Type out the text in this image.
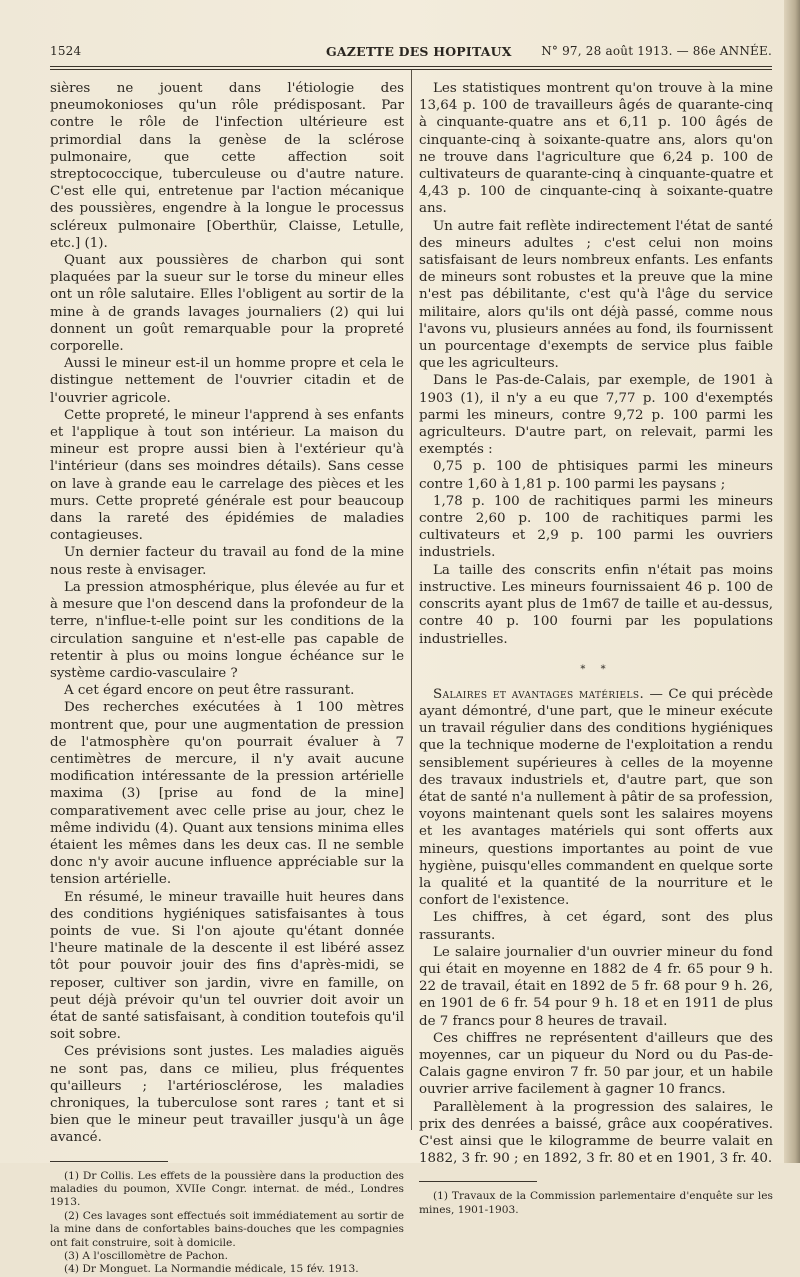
1524	GAZETTE DES HOPITAUX N° 97, 28 août 1913. — 86e ANNÉE.

sières ne jouent dans l'étiologie des pneumokonioses qu'un rôle prédisposant. Par contre le rôle de l'infection ultérieure est primordial dans la genèse de la sclérose pulmonaire, que cette affection soit streptococcique, tuberculeuse ou d'autre nature. C'est elle qui, entretenue par l'action mécanique des poussières, engendre à la longue le processus scléreux pulmonaire [Oberthür, Claisse, Letulle, etc.] (1).

Quant aux poussières de charbon qui sont plaquées par la sueur sur le torse du mineur elles ont un rôle salutaire. Elles l'obligent au sortir de la mine à de grands lavages journaliers (2) qui lui donnent un goût remarquable pour la propreté corporelle.

Aussi le mineur est-il un homme propre et cela le distingue nettement de l'ouvrier citadin et de l'ouvrier agricole.

Cette propreté, le mineur l'apprend à ses enfants et l'applique à tout son intérieur. La maison du mineur est propre aussi bien à l'extérieur qu'à l'intérieur (dans ses moindres détails). Sans cesse on lave à grande eau le carrelage des pièces et les murs. Cette propreté générale est pour beaucoup dans la rareté des épidémies de maladies contagieuses.

Un dernier facteur du travail au fond de la mine nous reste à envisager.

La pression atmosphérique, plus élevée au fur et à mesure que l'on descend dans la profondeur de la terre, n'influe-t-elle point sur les conditions de la circulation sanguine et n'est-elle pas capable de retentir à plus ou moins longue échéance sur le système cardio-vasculaire ?

A cet égard encore on peut être rassurant.

Des recherches exécutées à 1 100 mètres montrent que, pour une augmentation de pression de l'atmosphère qu'on pourrait évaluer à 7 centimètres de mercure, il n'y avait aucune modification intéressante de la pression artérielle maxima (3) [prise au fond de la mine] comparativement avec celle prise au jour, chez le même individu (4). Quant aux tensions minima elles étaient les mêmes dans les deux cas. Il ne semble donc n'y avoir aucune influence appréciable sur la tension artérielle.

En résumé, le mineur travaille huit heures dans des conditions hygiéniques satisfaisantes à tous points de vue. Si l'on ajoute qu'étant donnée l'heure matinale de la descente il est libéré assez tôt pour pouvoir jouir des fins d'après-midi, se reposer, cultiver son jardin, vivre en famille, on peut déjà prévoir qu'un tel ouvrier doit avoir un état de santé satisfaisant, à condition toutefois qu'il soit sobre.

Ces prévisions sont justes. Les maladies aiguës ne sont pas, dans ce milieu, plus fréquentes qu'ailleurs ; l'artériosclérose, les maladies chroniques, la tuberculose sont rares ; tant et si bien que le mineur peut travailler jusqu'à un âge avancé.

(1) Dr Collis. Les effets de la poussière dans la production des maladies du poumon, XVIIe Congr. internat. de méd., Londres 1913.

(2) Ces lavages sont effectués soit immédiatement au sortir de la mine dans de confortables bains-douches que les compagnies ont fait construire, soit à domicile.

(3) A l'oscillomètre de Pachon.

(4) Dr Monguet. La Normandie médicale, 15 fév. 1913.

Les statistiques montrent qu'on trouve à la mine 13,64 p. 100 de travailleurs âgés de quarante-cinq à cinquante-quatre ans et 6,11 p. 100 âgés de cinquante-cinq à soixante-quatre ans, alors qu'on ne trouve dans l'agriculture que 6,24 p. 100 de cultivateurs de quarante-cinq à cinquante-quatre et 4,43 p. 100 de cinquante-cinq à soixante-quatre ans.

Un autre fait reflète indirectement l'état de santé des mineurs adultes ; c'est celui non moins satisfaisant de leurs nombreux enfants. Les enfants de mineurs sont robustes et la preuve que la mine n'est pas débilitante, c'est qu'à l'âge du service militaire, alors qu'ils ont déjà passé, comme nous l'avons vu, plusieurs années au fond, ils fournissent un pourcentage d'exempts de service plus faible que les agriculteurs.

Dans le Pas-de-Calais, par exemple, de 1901 à 1903 (1), il n'y a eu que 7,77 p. 100 d'exemptés parmi les mineurs, contre 9,72 p. 100 parmi les agriculteurs. D'autre part, on relevait, parmi les exemptés :

0,75 p. 100 de phtisiques parmi les mineurs contre 1,60 à 1,81 p. 100 parmi les paysans ;

1,78 p. 100 de rachitiques parmi les mineurs contre 2,60 p. 100 de rachitiques parmi les cultivateurs et 2,9 p. 100 parmi les ouvriers industriels.

La taille des conscrits enfin n'était pas moins instructive. Les mineurs fournissaient 46 p. 100 de conscrits ayant plus de 1m67 de taille et au-dessus, contre 40 p. 100 fourni par les populations industrielles.

* *

Salaires et avantages matériels. — Ce qui précède ayant démontré, d'une part, que le mineur exécute un travail régulier dans des conditions hygiéniques que la technique moderne de l'exploitation a rendu sensiblement supérieures à celles de la moyenne des travaux industriels et, d'autre part, que son état de santé n'a nullement à pâtir de sa profession, voyons maintenant quels sont les salaires moyens et les avantages matériels qui sont offerts aux mineurs, questions importantes au point de vue hygiène, puisqu'elles commandent en quelque sorte la qualité et la quantité de la nourriture et le confort de l'existence.

Les chiffres, à cet égard, sont des plus rassurants.

Le salaire journalier d'un ouvrier mineur du fond qui était en moyenne en 1882 de 4 fr. 65 pour 9 h. 22 de travail, était en 1892 de 5 fr. 68 pour 9 h. 26, en 1901 de 6 fr. 54 pour 9 h. 18 et en 1911 de plus de 7 francs pour 8 heures de travail.

Ces chiffres ne représentent d'ailleurs que des moyennes, car un piqueur du Nord ou du Pas-de-Calais gagne environ 7 fr. 50 par jour, et un habile ouvrier arrive facilement à gagner 10 francs.

Parallèlement à la progression des salaires, le prix des denrées a baissé, grâce aux coopératives. C'est ainsi que le kilogramme de beurre valait en 1882, 3 fr. 90 ; en 1892, 3 fr. 80 et en 1901, 3 fr. 40.

(1) Travaux de la Commission parlementaire d'enquête sur les mines, 1901-1903.
